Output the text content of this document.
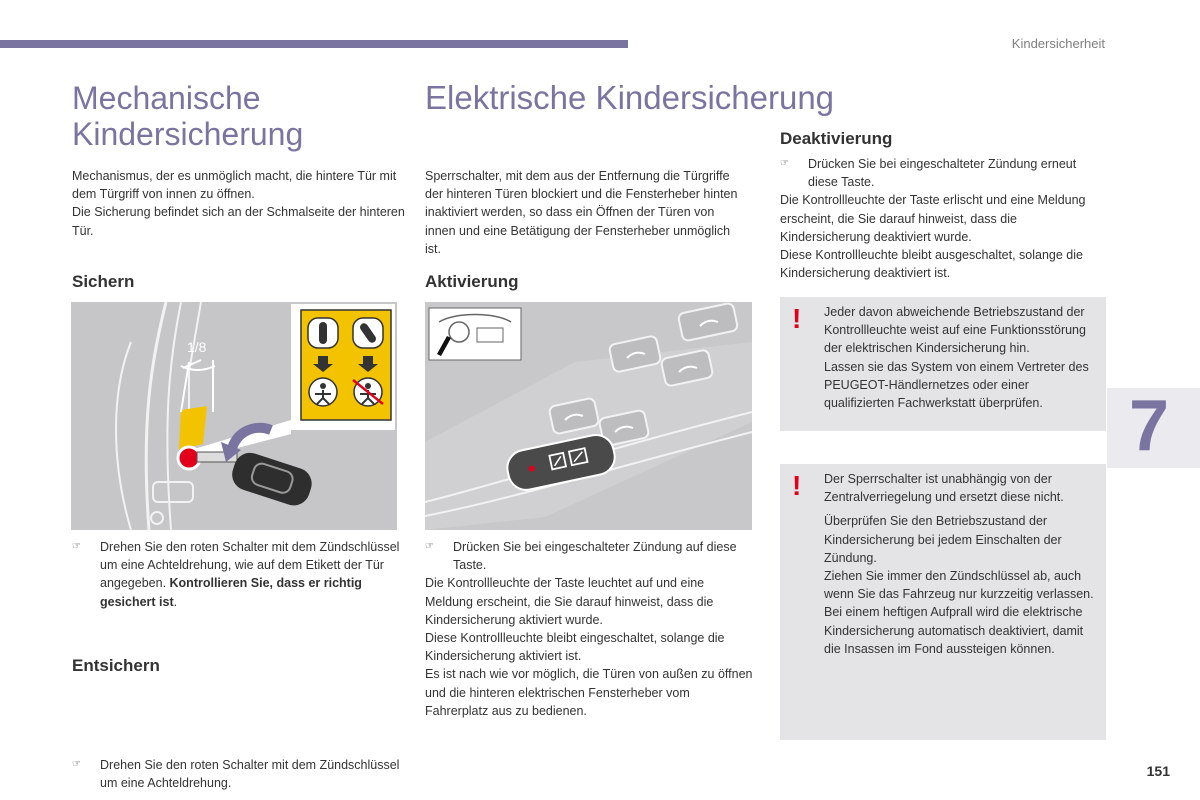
Kindersicherheit
Mechanische
Kindersicherung

Mechanismus, der es unmöglich macht, die hintere Tür mit dem Türgriff von innen zu öffnen.

Die Sicherung befindet sich an der Schmalseite der hinteren Tür.

Sichern
1/8
☞ Drehen Sie den roten Schalter mit dem Zündschlüssel um eine Achteldrehung, wie auf dem Etikett der Tür angegeben. Kontrollieren Sie, dass er richtig gesichert ist.
Entsichern
☞ Drehen Sie den roten Schalter mit dem Zündschlüssel um eine Achteldrehung.
Elektrische Kindersicherung

Sperrschalter, mit dem aus der Entfernung die Türgriffe der hinteren Türen blockiert und die Fensterheber hinten inaktiviert werden, so dass ein Öffnen der Türen von innen und eine Betätigung der Fensterheber unmöglich ist.

Aktivierung
☞ Drücken Sie bei eingeschalteter Zündung auf diese Taste.

Die Kontrollleuchte der Taste leuchtet auf und eine Meldung erscheint, die Sie darauf hinweist, dass die Kindersicherung aktiviert wurde.

Diese Kontrollleuchte bleibt eingeschaltet, solange die Kindersicherung aktiviert ist.

Es ist nach wie vor möglich, die Türen von außen zu öffnen und die hinteren elektrischen Fensterheber vom Fahrerplatz aus zu bedienen.

Deaktivierung
☞ Drücken Sie bei eingeschalteter Zündung erneut diese Taste.

Die Kontrollleuchte der Taste erlischt und eine Meldung erscheint, die Sie darauf hinweist, dass die Kindersicherung deaktiviert wurde.

Diese Kontrollleuchte bleibt ausgeschaltet, solange die Kindersicherung deaktiviert ist.

! Jeder davon abweichende Betriebszustand der Kontrollleuchte weist auf eine Funktionsstörung der elektrischen Kindersicherung hin.

Lassen sie das System von einem Vertreter des PEUGEOT-Händlernetzes oder einer qualifizierten Fachwerkstatt überprüfen.

! Der Sperrschalter ist unabhängig von der Zentralverriegelung und ersetzt diese nicht.

Überprüfen Sie den Betriebszustand der Kindersicherung bei jedem Einschalten der Zündung.

Ziehen Sie immer den Zündschlüssel ab, auch wenn Sie das Fahrzeug nur kurzzeitig verlassen.

Bei einem heftigen Aufprall wird die elektrische Kindersicherung automatisch deaktiviert, damit die Insassen im Fond aussteigen können.

7
151
